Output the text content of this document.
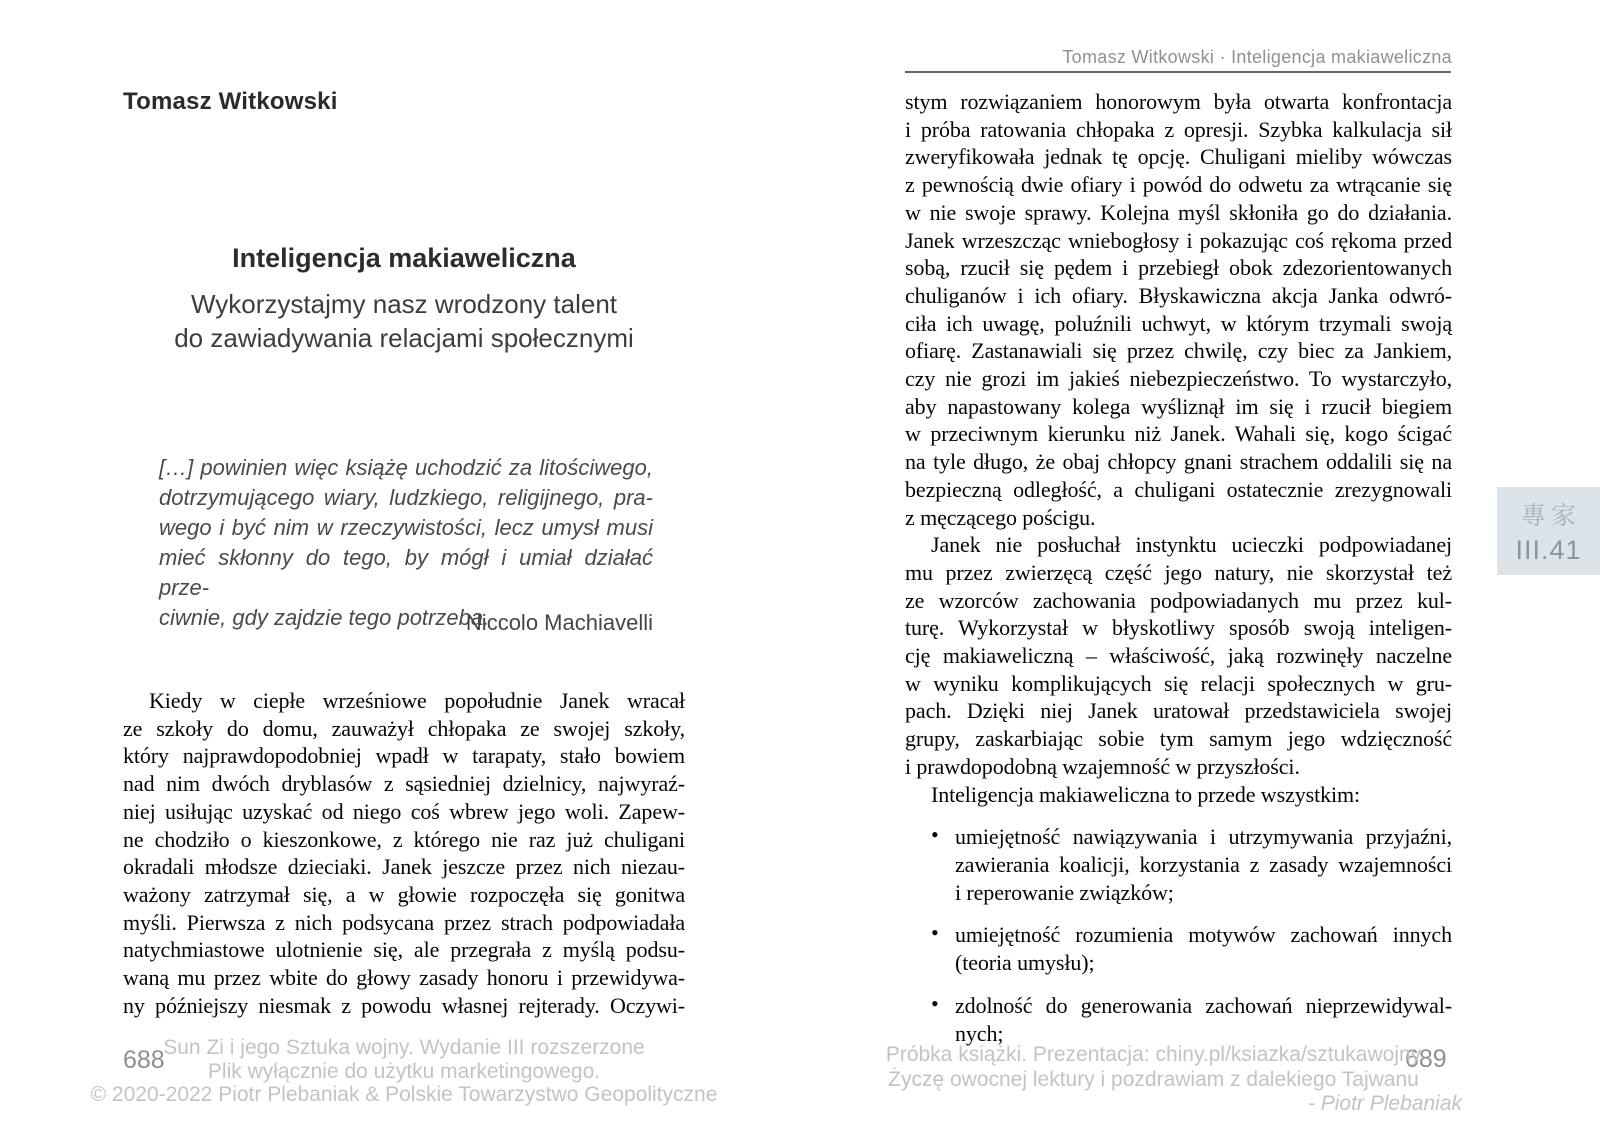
Tomasz Witkowski
Inteligencja makiaweliczna
Wykorzystajmy nasz wrodzony talent
do zawiadywania relacjami społecznymi
[…] powinien więc książę uchodzić za litościwego,
dotrzymującego wiary, ludzkiego, religijnego, pra-
wego i być nim w rzeczywistości, lecz umysł musi
mieć skłonny do tego, by mógł i umiał działać prze-
ciwnie, gdy zajdzie tego potrzeba.
Niccolo Machiavelli
Kiedy w ciepłe wrześniowe popołudnie Janek wracał
ze szkoły do domu, zauważył chłopaka ze swojej szkoły,
który najprawdopodobniej wpadł w tarapaty, stało bowiem
nad nim dwóch dryblasów z sąsiedniej dzielnicy, najwyraź-
niej usiłując uzyskać od niego coś wbrew jego woli. Zapew-
ne chodziło o kieszonkowe, z którego nie raz już chuligani
okradali młodsze dzieciaki. Janek jeszcze przez nich niezau-
ważony zatrzymał się, a w głowie rozpoczęła się gonitwa
myśli. Pierwsza z nich podsycana przez strach podpowiadała
natychmiastowe ulotnienie się, ale przegrała z myślą podsu-
waną mu przez wbite do głowy zasady honoru i przewidywa-
ny późniejszy niesmak z powodu własnej rejterady. Oczywi-
688
Sun Zi i jego Sztuka wojny. Wydanie III rozszerzone
Plik wyłącznie do użytku marketingowego.
© 2020-2022 Piotr Plebaniak & Polskie Towarzystwo Geopolityczne
Tomasz Witkowski · Inteligencja makiaweliczna
stym rozwiązaniem honorowym była otwarta konfrontacja
i próba ratowania chłopaka z opresji. Szybka kalkulacja sił
zweryfikowała jednak tę opcję. Chuligani mieliby wówczas
z pewnością dwie ofiary i powód do odwetu za wtrącanie się
w nie swoje sprawy. Kolejna myśl skłoniła go do działania.
Janek wrzeszcząc wniebogłosy i pokazując coś rękoma przed
sobą, rzucił się pędem i przebiegł obok zdezorientowanych
chuliganów i ich ofiary. Błyskawiczna akcja Janka odwró-
ciła ich uwagę, poluźnili uchwyt, w którym trzymali swoją
ofiarę. Zastanawiali się przez chwilę, czy biec za Jankiem,
czy nie grozi im jakieś niebezpieczeństwo. To wystarczyło,
aby napastowany kolega wyśliznął im się i rzucił biegiem
w przeciwnym kierunku niż Janek. Wahali się, kogo ścigać
na tyle długo, że obaj chłopcy gnani strachem oddalili się na
bezpieczną odległość, a chuligani ostatecznie zrezygnowali
z męczącego pościgu.
Janek nie posłuchał instynktu ucieczki podpowiadanej
mu przez zwierzęcą część jego natury, nie skorzystał też
ze wzorców zachowania podpowiadanych mu przez kul-
turę. Wykorzystał w błyskotliwy sposób swoją inteligen-
cję makiaweliczną – właściwość, jaką rozwinęły naczelne
w wyniku komplikujących się relacji społecznych w gru-
pach. Dzięki niej Janek uratował przedstawiciela swojej
grupy, zaskarbiając sobie tym samym jego wdzięczność
i prawdopodobną wzajemność w przyszłości.
Inteligencja makiaweliczna to przede wszystkim:
• umiejętność nawiązywania i utrzymywania przyjaźni,
zawierania koalicji, korzystania z zasady wzajemności
i reperowanie związków;
• umiejętność rozumienia motywów zachowań innych
(teoria umysłu);
• zdolność do generowania zachowań nieprzewidywal-
nych;
689
Próbka książki. Prezentacja: chiny.pl/ksiazka/sztukawojny
Życzę owocnej lektury i pozdrawiam z dalekiego Tajwanu
- Piotr Plebaniak
專家
III.41
